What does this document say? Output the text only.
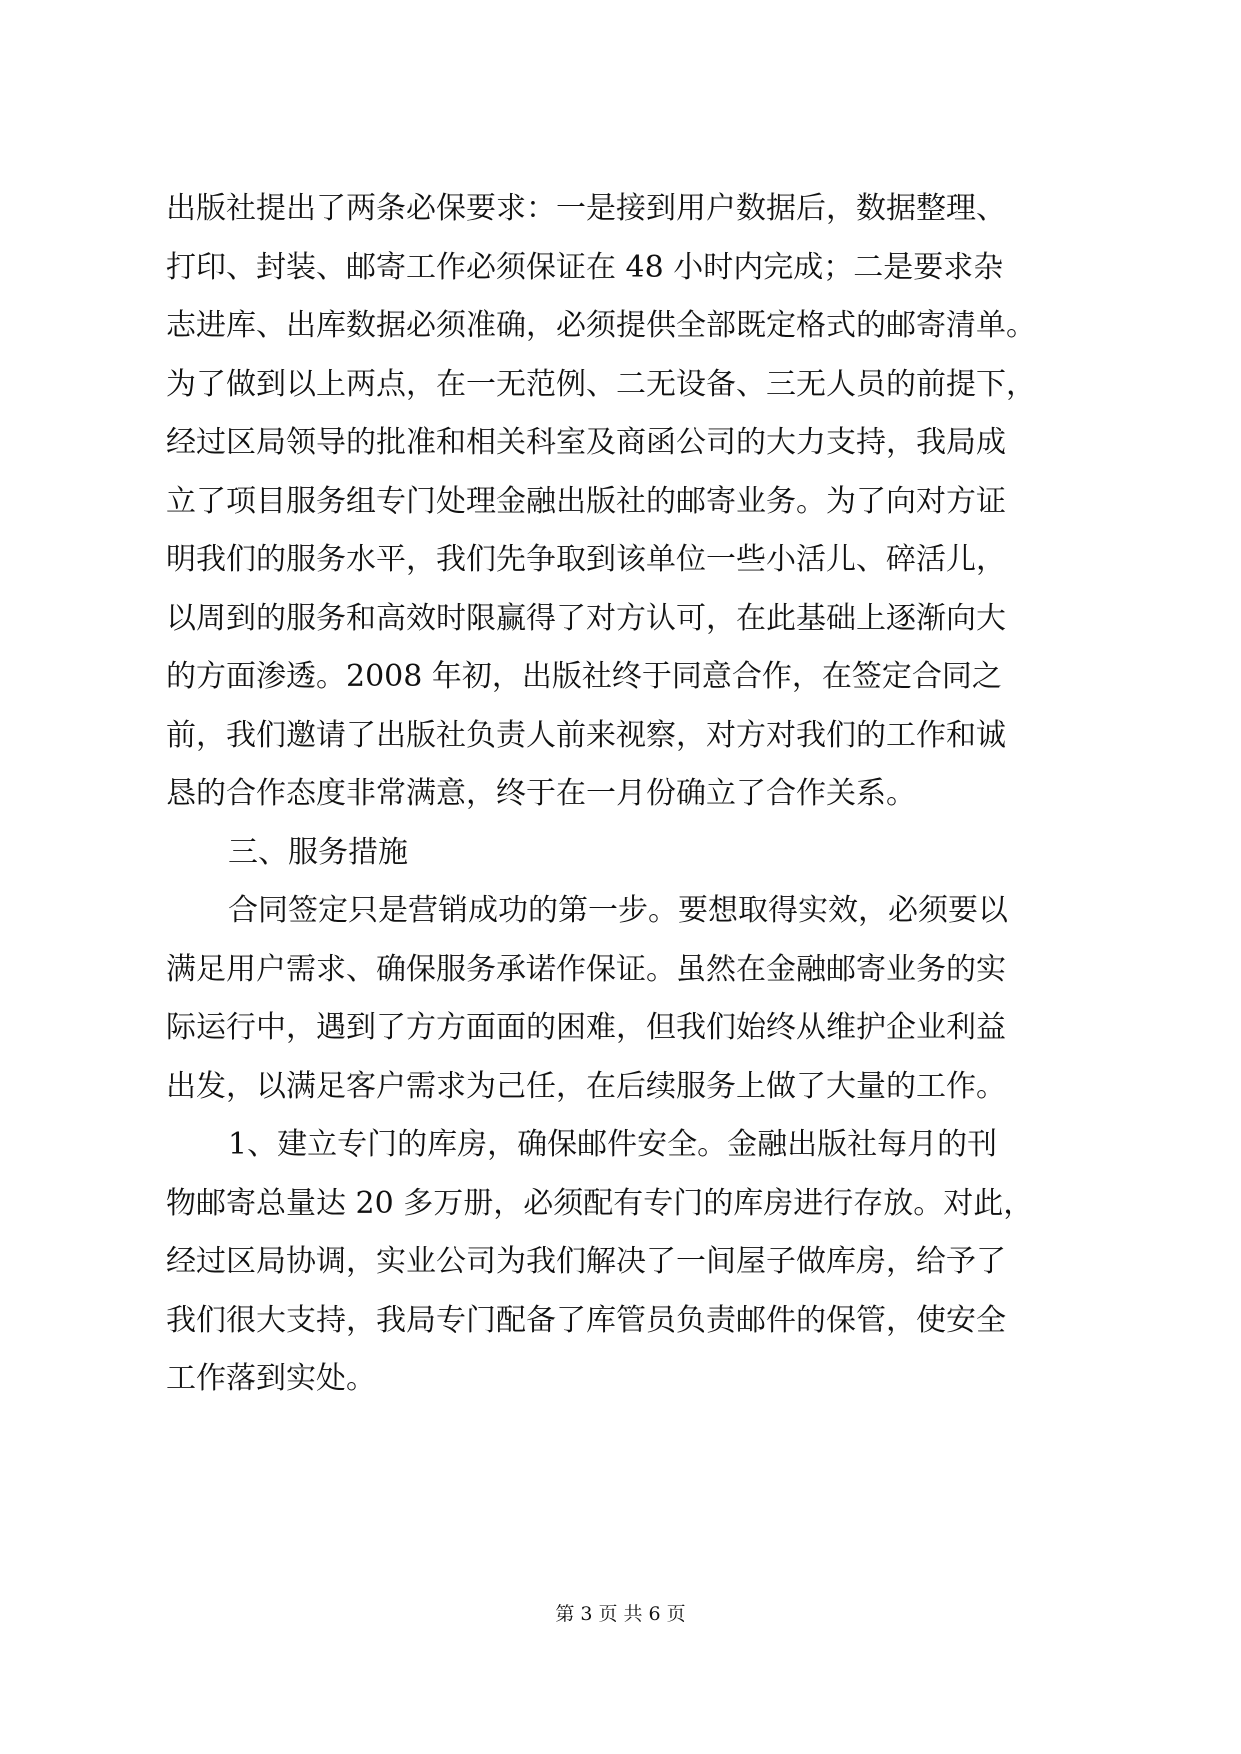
出版社提出了两条必保要求：一是接到用户数据后，数据整理、
打印、封装、邮寄工作必须保证在 48 小时内完成；二是要求杂
志进库、出库数据必须准确，必须提供全部既定格式的邮寄清单。
为了做到以上两点，在一无范例、二无设备、三无人员的前提下，
经过区局领导的批准和相关科室及商函公司的大力支持，我局成
立了项目服务组专门处理金融出版社的邮寄业务。为了向对方证
明我们的服务水平，我们先争取到该单位一些小活儿、碎活儿，
以周到的服务和高效时限赢得了对方认可，在此基础上逐渐向大
的方面渗透。2008 年初，出版社终于同意合作，在签定合同之
前，我们邀请了出版社负责人前来视察，对方对我们的工作和诚
恳的合作态度非常满意，终于在一月份确立了合作关系。
三、服务措施
合同签定只是营销成功的第一步。要想取得实效，必须要以
满足用户需求、确保服务承诺作保证。虽然在金融邮寄业务的实
际运行中，遇到了方方面面的困难，但我们始终从维护企业利益
出发，以满足客户需求为己任，在后续服务上做了大量的工作。
1、建立专门的库房，确保邮件安全。金融出版社每月的刊
物邮寄总量达 20 多万册，必须配有专门的库房进行存放。对此，
经过区局协调，实业公司为我们解决了一间屋子做库房，给予了
我们很大支持，我局专门配备了库管员负责邮件的保管，使安全
工作落到实处。
第 3 页 共 6 页
